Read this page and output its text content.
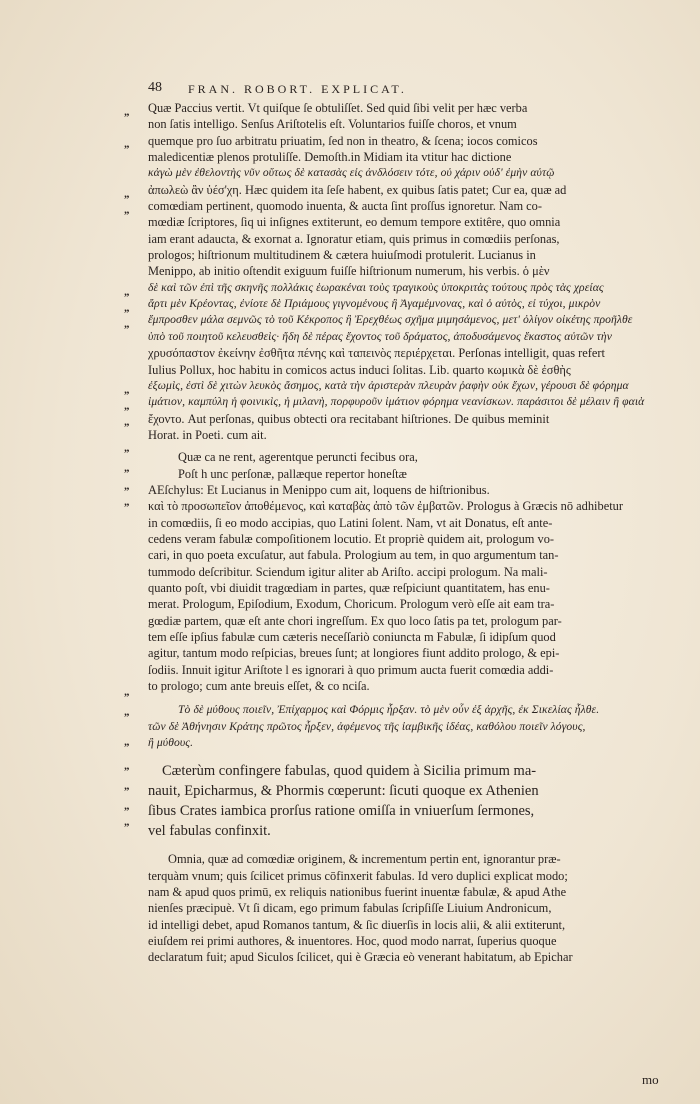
48 FRAN. ROBORT. EXPLICAT.
„
„
„
„
„
„
„
„
„
„
„
„
„
„
„
„
„
„
„
„
„
Quæ Paccius vertit. Vt quiſque ſe obtuliſſet. Sed quid ſibi velit per hæc verba
non ſatis intelligo. Senſus Ariſtotelis eſt. Voluntarios fuiſſe choros, et vnum
quemque pro ſuo arbitratu priuatim, ſed non in theatro, & ſcena; iocos comicos
maledicentiæ plenos protuliſſe. Demoſth.in Midiam ita vtitur hac dictione
κἀγὼ μὲν ἐθελοντὴς νῦν οὕτως δὲ κατασὰς εἰς ἀνδλόσειν τότε, οὐ χάριν οὐδ' ἐμὴν αὐτῷ
ἀπωλεὼ ἂν ὑέσ'χη. Hæc quidem ita ſeſe habent, ex quibus ſatis patet; Cur ea, quæ ad
comœdiam pertinent, quomodo inuenta, & aucta ſint proſſus ignoretur. Nam co-
mœdiæ ſcriptores, ſiq ui inſignes extiterunt, eo demum tempore extitêre, quo omnia
iam erant adaucta, & exornat a. Ignoratur etiam, quis primus in comœdiis perſonas,
prologos; hiſtrionum multitudinem & cætera huiuſmodi protulerit. Lucianus in
Menippo, ab initio oſtendit exiguum fuiſſe hiſtrionum numerum, his verbis. ὁ μὲν
δὲ καὶ τῶν ἐπὶ τῆς σκηνῆς πολλάκις ἑωρακέναι τοὺς τραγικοὺς ὑποκριτὰς τούτους πρὸς τὰς χρείας
ἄρτι μὲν Κρέοντας, ἐνίοτε δὲ Πριάμους γιγνομένους ἢ Ἀγαμέμνονας, καὶ ὁ αὐτὸς, εἰ τύχοι, μικρὸν
ἔμπροσθεν μάλα σεμνῶς τὸ τοῦ Κέκροπος ἢ Ἐρεχθέως σχῆμα μιμησάμενος, μετ' ὀλίγον οἰκέτης προῆλθε
ὑπὸ τοῦ ποιητοῦ κελευσθεὶς· ἤδη δὲ πέρας ἔχοντος τοῦ δράματος, ἀποδυσάμενος ἕκαστος αὐτῶν τὴν
χρυσόπαστον ἐκείνην ἐσθῆτα πένης καὶ ταπεινὸς περιέρχεται. Perſonas intelligit, quas refert
Iulius Pollux, hoc habitu in comicos actus induci ſolitas. Lib. quarto κωμικὰ δὲ ἐσθὴς
ἐξωμὶς, ἐστὶ δὲ χιτὼν λευκὸς ἄσημος, κατὰ τὴν ἀριστερὰν πλευρὰν ῥαφὴν οὐκ ἔχων, γέρουσι δὲ φόρημα
ἱμάτιον, καμπύλη ἡ φοινικὶς, ἡ μιλανὴ, πορφυροῦν ἱμάτιον φόρημα νεανίσκων. παράσιτοι δὲ μέλαιν ἢ φαιὰ
ἔχοντο. Aut perſonas, quibus obtecti ora recitabant hiſtriones. De quibus meminit
Horat. in Poeti. cum ait.
Quæ ca ne rent, agerentque peruncti fecibus ora,
Poſt h unc perſonæ, pallæque repertor honeſtæ
AEſchylus: Et Lucianus in Menippo cum ait, loquens de hiſtrionibus.
καὶ τὸ προσωπεῖον ἀποθέμενος, καὶ καταβὰς ἀπὸ τῶν ἐμβατῶν. Prologus à Græcis nō adhibetur
in comœdiis, ſi eo modo accipias, quo Latini ſolent. Nam, vt ait Donatus, eſt ante-
cedens veram fabulæ compoſitionem locutio. Et propriè quidem ait, prologum vo-
cari, in quo poeta excuſatur, aut fabula. Prologium au tem, in quo argumentum tan-
tummodo deſcribitur. Sciendum igitur aliter ab Ariſto. accipi prologum. Na mali-
quanto poſt, vbi diuidit tragœdiam in partes, quæ reſpiciunt quantitatem, has enu-
merat. Prologum, Epiſodium, Exodum, Choricum. Prologum verò eſſe ait eam tra-
gœdiæ partem, quæ eſt ante chori ingreſſum. Ex quo loco ſatis pa tet, prologum par-
tem eſſe ipſius fabulæ cum cæteris neceſſariò coniuncta m Fabulæ, ſi idipſum quod
agitur, tantum modo reſpicias, breues ſunt; at longiores fiunt addito prologo, & epi-
ſodiis. Innuit igitur Ariſtote l es ignorari à quo primum aucta fuerit comœdia addi-
to prologo; cum ante breuis eſſet, & co nciſa.
Τὸ δὲ μύθους ποιεῖν, Ἐπίχαρμος καὶ Φόρμις ἦρξαν. τὸ μὲν οὖν ἐξ ἀρχῆς, ἐκ Σικελίας ἦλθε.
τῶν δὲ Ἀθήνησιν Κράτης πρῶτος ἦρξεν, ἀφέμενος τῆς ἰαμβικῆς ἰδέας, καθόλου ποιεῖν λόγους,
ἢ μύθους.
Cæterùm confingere fabulas, quod quidem à Sicilia primum ma-
nauit, Epicharmus, & Phormis cœperunt: ſicuti quoque ex Athenien
ſibus Crates iambica prorſus ratione omiſſa in vniuerſum ſermones,
vel fabulas confinxit.
Omnia, quæ ad comœdiæ originem, & incrementum pertin ent, ignorantur præ-
terquàm vnum; quis ſcilicet primus cōfinxerit fabulas. Id vero duplici explicat modo;
nam & apud quos primū, ex reliquis nationibus fuerint inuentæ fabulæ, & apud Athe
nienſes præcipuè. Vt ſi dicam, ego primum fabulas ſcripſiſſe Liuium Andronicum,
id intelligi debet, apud Romanos tantum, & ſic diuerſis in locis alii, & alii extiterunt,
eiuſdem rei primi authores, & inuentores. Hoc, quod modo narrat, ſuperius quoque
declaratum fuit; apud Siculos ſcilicet, qui è Græcia eò venerant habitatum, ab Epichar
mo
